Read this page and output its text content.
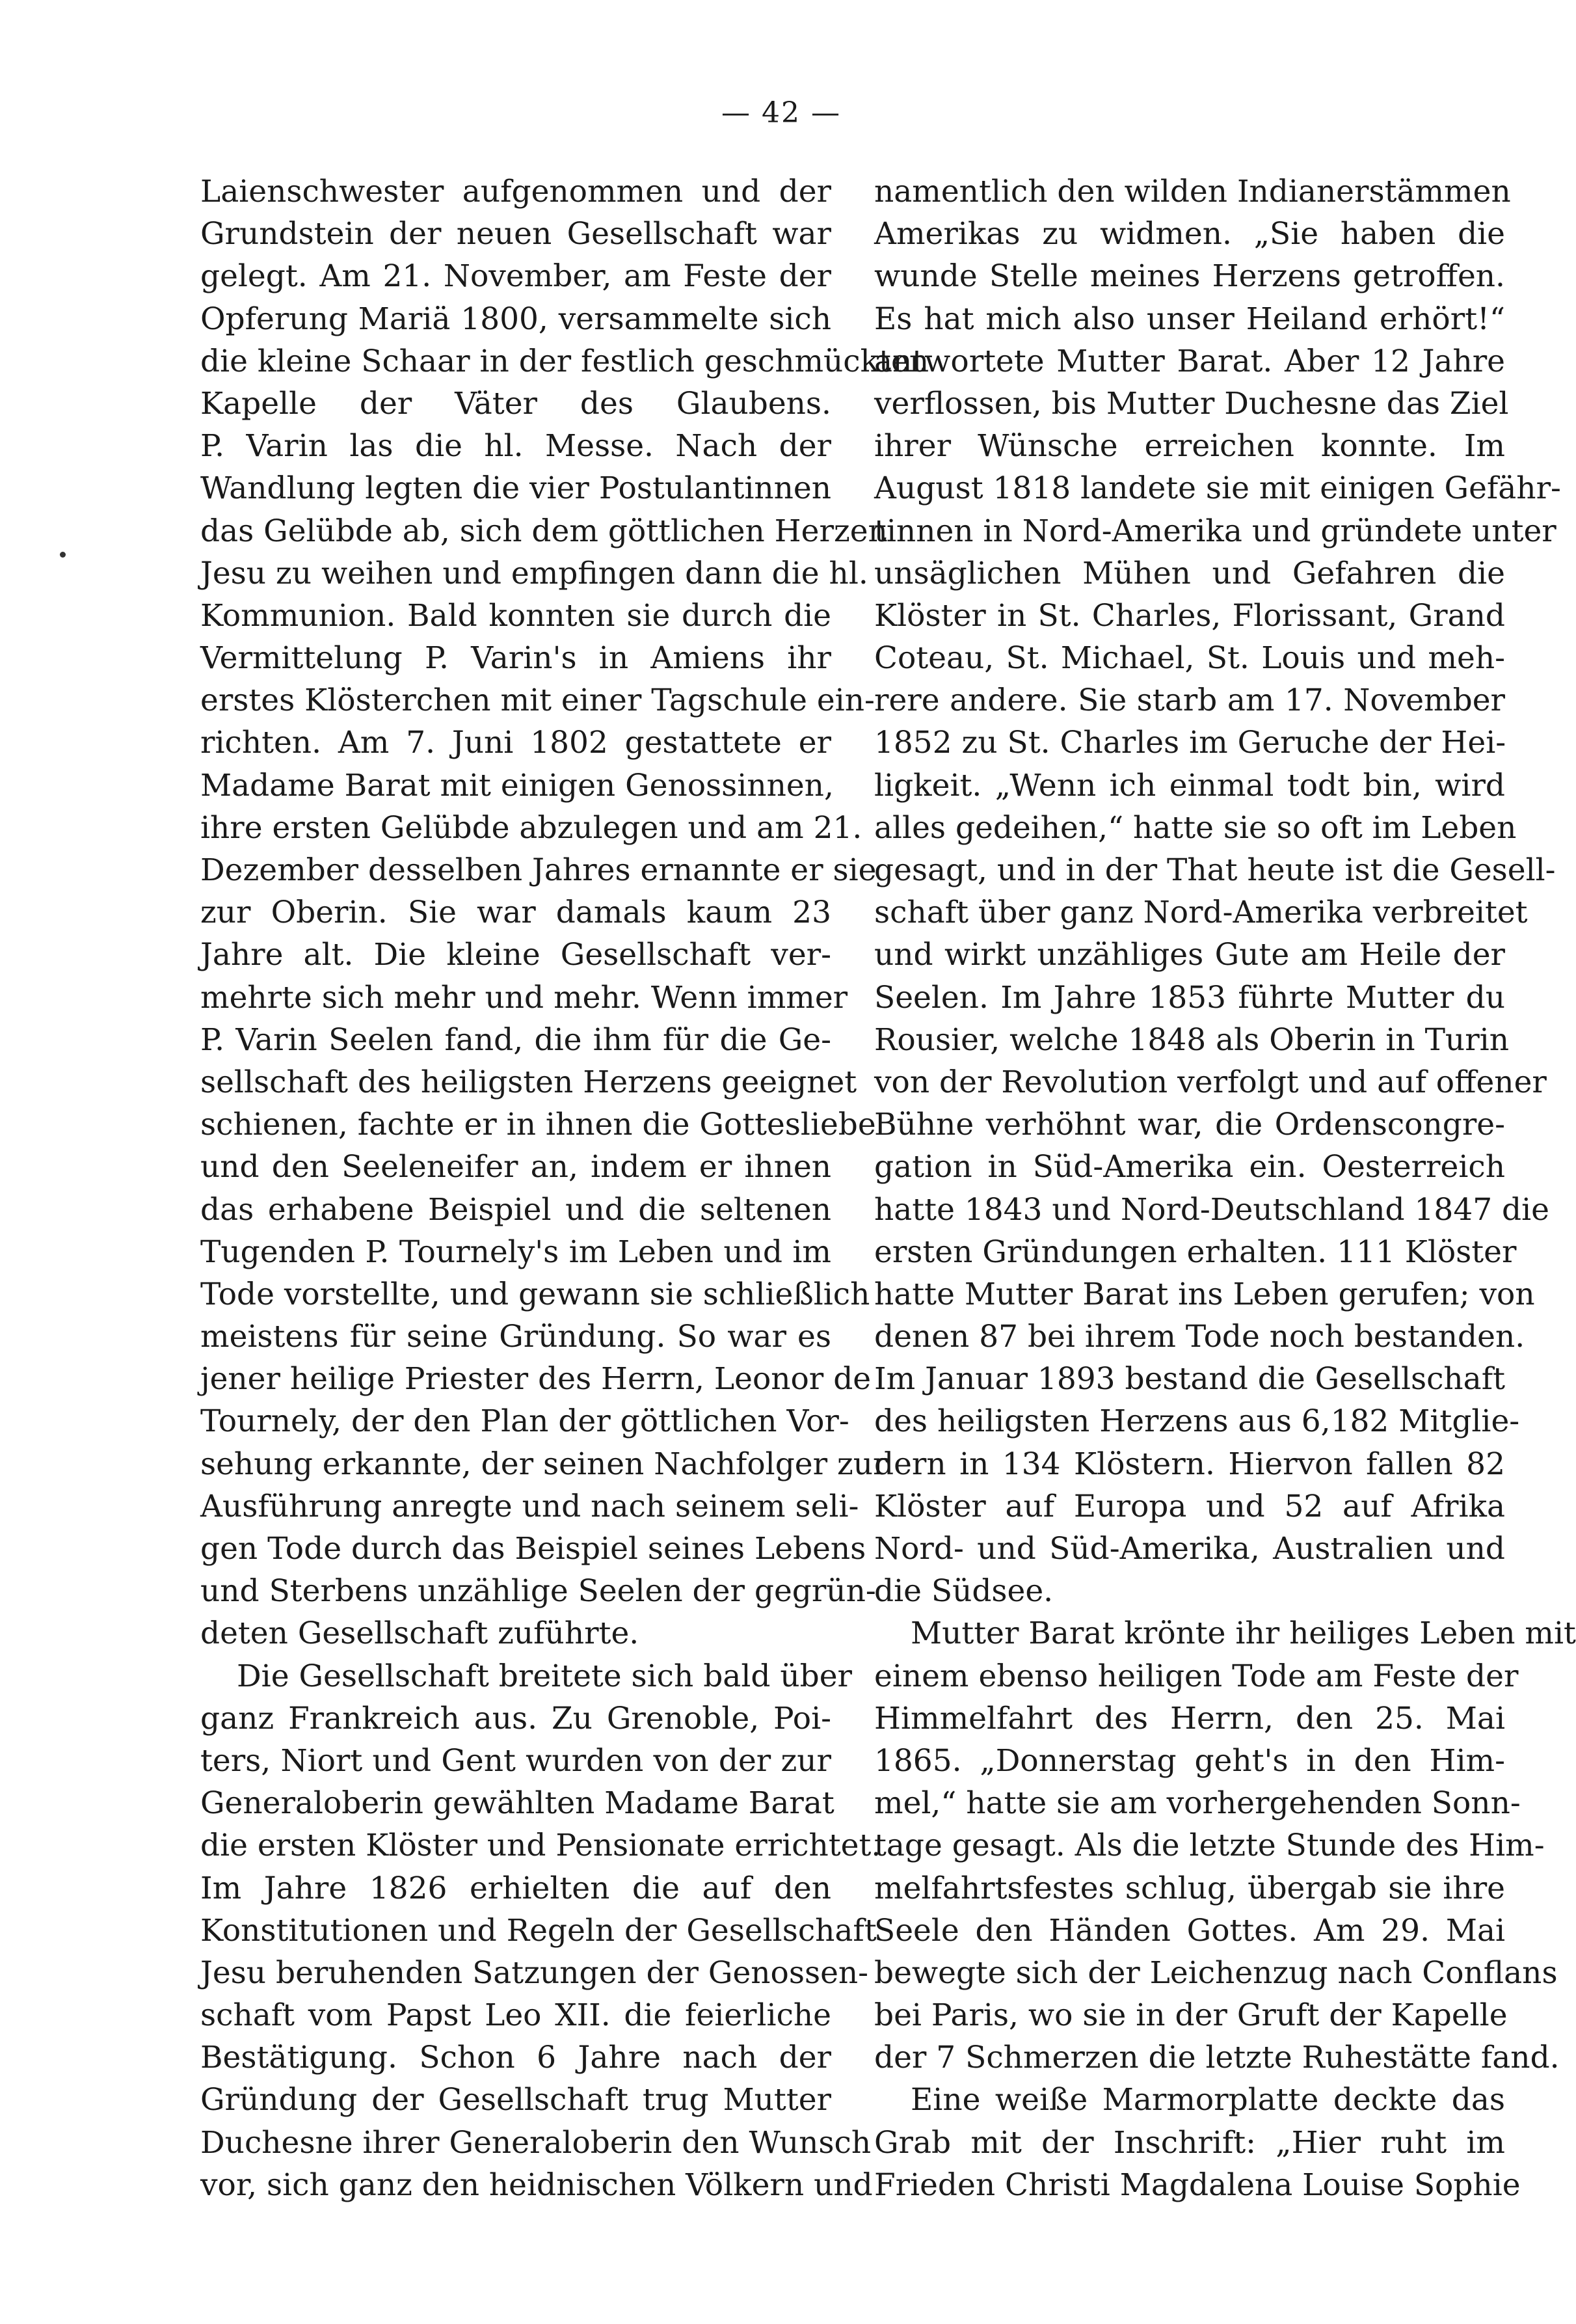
— 42 —
Laienschwester aufgenommen und der
Grundstein der neuen Gesellschaft war
gelegt. Am 21. November, am Feste der
Opferung Mariä 1800, versammelte sich
die kleine Schaar in der festlich geschmückten
Kapelle der Väter des Glaubens.
P. Varin las die hl. Messe. Nach der
Wandlung legten die vier Postulantinnen
das Gelübde ab, sich dem göttlichen Herzen
Jesu zu weihen und empfingen dann die hl.
Kommunion. Bald konnten sie durch die
Vermittelung P. Varin's in Amiens ihr
erstes Klösterchen mit einer Tagschule ein-
richten. Am 7. Juni 1802 gestattete er
Madame Barat mit einigen Genossinnen,
ihre ersten Gelübde abzulegen und am 21.
Dezember desselben Jahres ernannte er sie
zur Oberin. Sie war damals kaum 23
Jahre alt. Die kleine Gesellschaft ver-
mehrte sich mehr und mehr. Wenn immer
P. Varin Seelen fand, die ihm für die Ge-
sellschaft des heiligsten Herzens geeignet
schienen, fachte er in ihnen die Gottesliebe
und den Seeleneifer an, indem er ihnen
das erhabene Beispiel und die seltenen
Tugenden P. Tournely's im Leben und im
Tode vorstellte, und gewann sie schließlich
meistens für seine Gründung. So war es
jener heilige Priester des Herrn, Leonor de
Tournely, der den Plan der göttlichen Vor-
sehung erkannte, der seinen Nachfolger zur
Ausführung anregte und nach seinem seli-
gen Tode durch das Beispiel seines Lebens
und Sterbens unzählige Seelen der gegrün-
deten Gesellschaft zuführte.
Die Gesellschaft breitete sich bald über
ganz Frankreich aus. Zu Grenoble, Poi-
ters, Niort und Gent wurden von der zur
Generaloberin gewählten Madame Barat
die ersten Klöster und Pensionate errichtet.
Im Jahre 1826 erhielten die auf den
Konstitutionen und Regeln der Gesellschaft
Jesu beruhenden Satzungen der Genossen-
schaft vom Papst Leo XII. die feierliche
Bestätigung. Schon 6 Jahre nach der
Gründung der Gesellschaft trug Mutter
Duchesne ihrer Generaloberin den Wunsch
vor, sich ganz den heidnischen Völkern und
namentlich den wilden Indianerstämmen
Amerikas zu widmen. „Sie haben die
wunde Stelle meines Herzens getroffen.
Es hat mich also unser Heiland erhört!“
antwortete Mutter Barat. Aber 12 Jahre
verflossen, bis Mutter Duchesne das Ziel
ihrer Wünsche erreichen konnte. Im
August 1818 landete sie mit einigen Gefähr-
tinnen in Nord-Amerika und gründete unter
unsäglichen Mühen und Gefahren die
Klöster in St. Charles, Florissant, Grand
Coteau, St. Michael, St. Louis und meh-
rere andere. Sie starb am 17. November
1852 zu St. Charles im Geruche der Hei-
ligkeit. „Wenn ich einmal todt bin, wird
alles gedeihen,“ hatte sie so oft im Leben
gesagt, und in der That heute ist die Gesell-
schaft über ganz Nord-Amerika verbreitet
und wirkt unzähliges Gute am Heile der
Seelen. Im Jahre 1853 führte Mutter du
Rousier, welche 1848 als Oberin in Turin
von der Revolution verfolgt und auf offener
Bühne verhöhnt war, die Ordenscongre-
gation in Süd-Amerika ein. Oesterreich
hatte 1843 und Nord-Deutschland 1847 die
ersten Gründungen erhalten. 111 Klöster
hatte Mutter Barat ins Leben gerufen; von
denen 87 bei ihrem Tode noch bestanden.
Im Januar 1893 bestand die Gesellschaft
des heiligsten Herzens aus 6,182 Mitglie-
dern in 134 Klöstern. Hiervon fallen 82
Klöster auf Europa und 52 auf Afrika
Nord- und Süd-Amerika, Australien und
die Südsee.
Mutter Barat krönte ihr heiliges Leben mit
einem ebenso heiligen Tode am Feste der
Himmelfahrt des Herrn, den 25. Mai
1865. „Donnerstag geht's in den Him-
mel,“ hatte sie am vorhergehenden Sonn-
tage gesagt. Als die letzte Stunde des Him-
melfahrtsfestes schlug, übergab sie ihre
Seele den Händen Gottes. Am 29. Mai
bewegte sich der Leichenzug nach Conflans
bei Paris, wo sie in der Gruft der Kapelle
der 7 Schmerzen die letzte Ruhestätte fand.
Eine weiße Marmorplatte deckte das
Grab mit der Inschrift: „Hier ruht im
Frieden Christi Magdalena Louise Sophie
